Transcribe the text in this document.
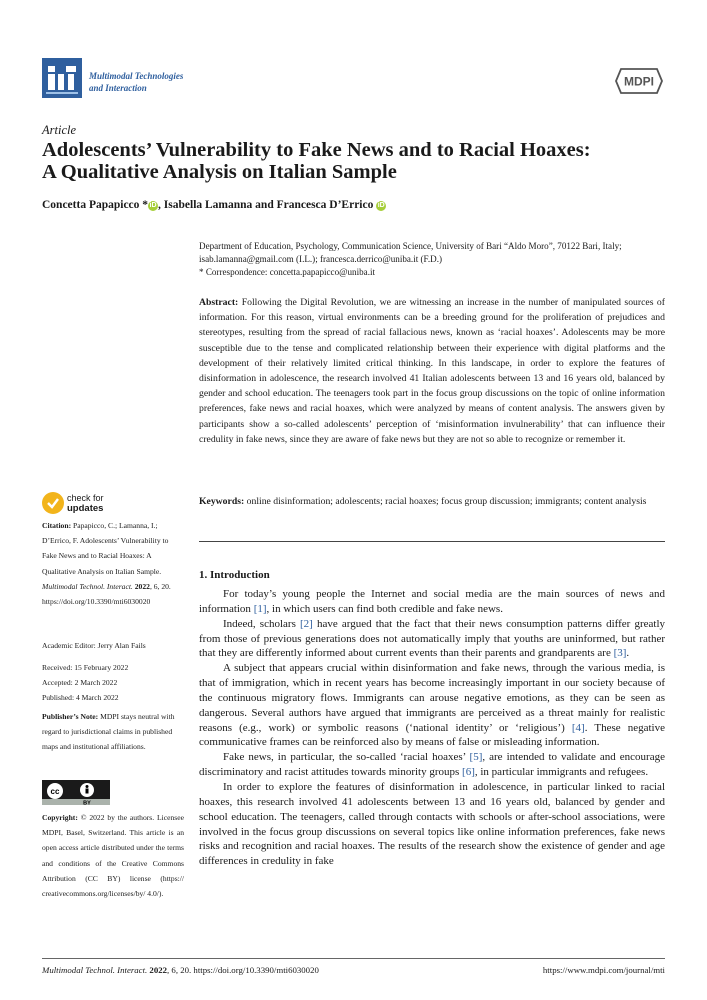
Multimodal Technologies
and Interaction	MDPI
Article
Adolescents’ Vulnerability to Fake News and to Racial Hoaxes:
A Qualitative Analysis on Italian Sample
Concetta Papapicco * iD , Isabella Lamanna and Francesca D’Errico iD
Department of Education, Psychology, Communication Science, University of Bari “Aldo Moro”, 70122 Bari, Italy;
isab.lamanna@gmail.com (I.L.); francesca.derrico@uniba.it (F.D.)
* Correspondence: concetta.papapicco@uniba.it
Abstract: Following the Digital Revolution, we are witnessing an increase in the number of manipulated sources of information. For this reason, virtual environments can be a breeding ground for the proliferation of prejudices and stereotypes, resulting from the spread of racial fallacious news, known as ‘racial hoaxes’. Adolescents may be more susceptible due to the tense and complicated relationship between their experience with digital platforms and the development of their relatively limited critical thinking. In this landscape, in order to explore the features of disinformation in adolescence, the research involved 41 Italian adolescents between 13 and 16 years old, balanced by gender and school education. The teenagers took part in the focus group discussions on the topic of online information preferences, fake news and racial hoaxes, which were analyzed by means of content analysis. The answers given by participants show a so-called adolescents’ perception of ‘misinformation invulnerability’ that can influence their credulity in fake news, since they are aware of fake news but they are not so able to recognize or remember it.
Keywords: online disinformation; adolescents; racial hoaxes; focus group discussion; immigrants; content analysis
check for
updates
Citation: Papapicco, C.; Lamanna, I.; D’Errico, F. Adolescents’ Vulnerability to Fake News and to Racial Hoaxes: A Qualitative Analysis on Italian Sample. Multimodal Technol. Interact. 2022, 6, 20. https://doi.org/10.3390/mti6030020
Academic Editor: Jerry Alan Fails
Received: 15 February 2022
Accepted: 2 March 2022
Published: 4 March 2022
Publisher’s Note: MDPI stays neutral with regard to jurisdictional claims in published maps and institutional affiliations.
cc
BY
Copyright: © 2022 by the authors. Licensee MDPI, Basel, Switzerland. This article is an open access article distributed under the terms and conditions of the Creative Commons Attribution (CC BY) license (https:// creativecommons.org/licenses/by/ 4.0/).
1. Introduction

For today’s young people the Internet and social media are the main sources of news and information [1], in which users can find both credible and fake news.

Indeed, scholars [2] have argued that the fact that their news consumption patterns differ greatly from those of previous generations does not automatically imply that youths are uninformed, but rather that they are differently informed about current events than their parents and grandparents are [3].

A subject that appears crucial within disinformation and fake news, through the various media, is that of immigration, which in recent years has become increasingly important in our society because of the continuous migratory flows. Immigrants can arouse negative emotions, as they can be seen as dangerous. Several authors have argued that immigrants are perceived as a threat mainly for realistic reasons (e.g., work) or symbolic reasons (‘national identity’ or ‘religious’) [4]. These negative communicative frames can be reinforced also by means of false or misleading information.

Fake news, in particular, the so-called ‘racial hoaxes’ [5], are intended to validate and encourage discriminatory and racist attitudes towards minority groups [6], in particular immigrants and refugees.

In order to explore the features of disinformation in adolescence, in particular linked to racial hoaxes, this research involved 41 adolescents between 13 and 16 years old, balanced by gender and school education. The teenagers, called through contacts with schools or after-school associations, were involved in the focus group discussions on several topics like online information preferences, fake news risks and recognition and racial hoaxes. The results of the research show the existence of gender and age differences in credulity in fake

Multimodal Technol. Interact. 2022, 6, 20. https://doi.org/10.3390/mti6030020	https://www.mdpi.com/journal/mti
